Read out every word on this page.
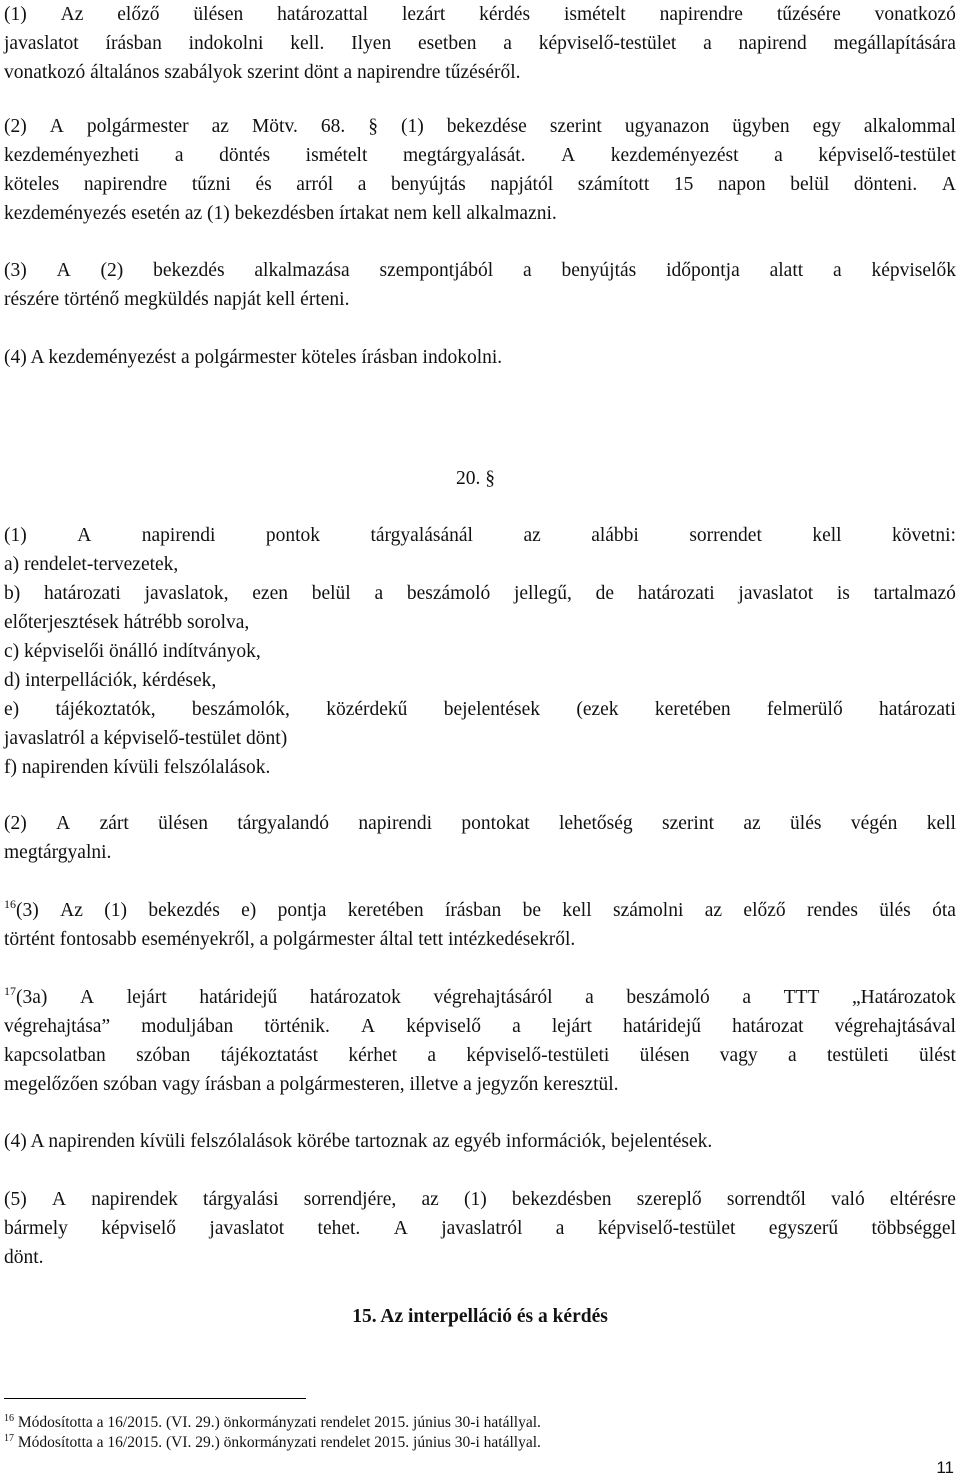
(1) Az előző ülésen határozattal lezárt kérdés ismételt napirendre tűzésére vonatkozó
javaslatot írásban indokolni kell. Ilyen esetben a képviselő-testület a napirend megállapítására
vonatkozó általános szabályok szerint dönt a napirendre tűzéséről.

(2) A polgármester az Mötv. 68. § (1) bekezdése szerint ugyanazon ügyben egy alkalommal
kezdeményezheti a döntés ismételt megtárgyalását. A kezdeményezést a képviselő-testület
köteles napirendre tűzni és arról a benyújtás napjától számított 15 napon belül dönteni. A
kezdeményezés esetén az (1) bekezdésben írtakat nem kell alkalmazni.

(3) A (2) bekezdés alkalmazása szempontjából a benyújtás időpontja alatt a képviselők
részére történő megküldés napját kell érteni.

(4) A kezdeményezést a polgármester köteles írásban indokolni.

20. §

(1)	A	napirendi	pontok	tárgyalásánál	az	alábbi	sorrendet	kell	követni:
a) rendelet-tervezetek,
b) határozati javaslatok, ezen belül a beszámoló jellegű, de határozati javaslatot is tartalmazó
előterjesztések hátrébb sorolva,
c) képviselői önálló indítványok,
d) interpellációk, kérdések,
e) tájékoztatók, beszámolók, közérdekű bejelentések (ezek keretében felmerülő határozati
javaslatról a képviselő-testület dönt)
f) napirenden kívüli felszólalások.

(2) A zárt ülésen tárgyalandó napirendi pontokat lehetőség szerint az ülés végén kell
megtárgyalni.

$^{16}$(3) Az (1) bekezdés e) pontja keretében írásban be kell számolni az előző rendes ülés óta
történt fontosabb eseményekről, a polgármester által tett intézkedésekről.

$^{17}$(3a) A lejárt határidejű határozatok végrehajtásáról a beszámoló a TTT „Határozatok
végrehajtása” moduljában történik. A képviselő a lejárt határidejű határozat végrehajtásával
kapcsolatban szóban tájékoztatást kérhet a képviselő-testületi ülésen vagy a testületi ülést
megelőzően szóban vagy írásban a polgármesteren, illetve a jegyzőn keresztül.

(4) A napirenden kívüli felszólalások körébe tartoznak az egyéb információk, bejelentések.

(5) A napirendek tárgyalási sorrendjére, az (1) bekezdésben szereplő sorrendtől való eltérésre
bármely képviselő javaslatot tehet. A javaslatról a képviselő-testület egyszerű többséggel
dönt.

15. Az interpelláció és a kérdés
$^{16}$ Módosította a 16/2015. (VI. 29.) önkormányzati rendelet 2015. június 30-i hatállyal.
$^{17}$ Módosította a 16/2015. (VI. 29.) önkormányzati rendelet 2015. június 30-i hatállyal.
11
